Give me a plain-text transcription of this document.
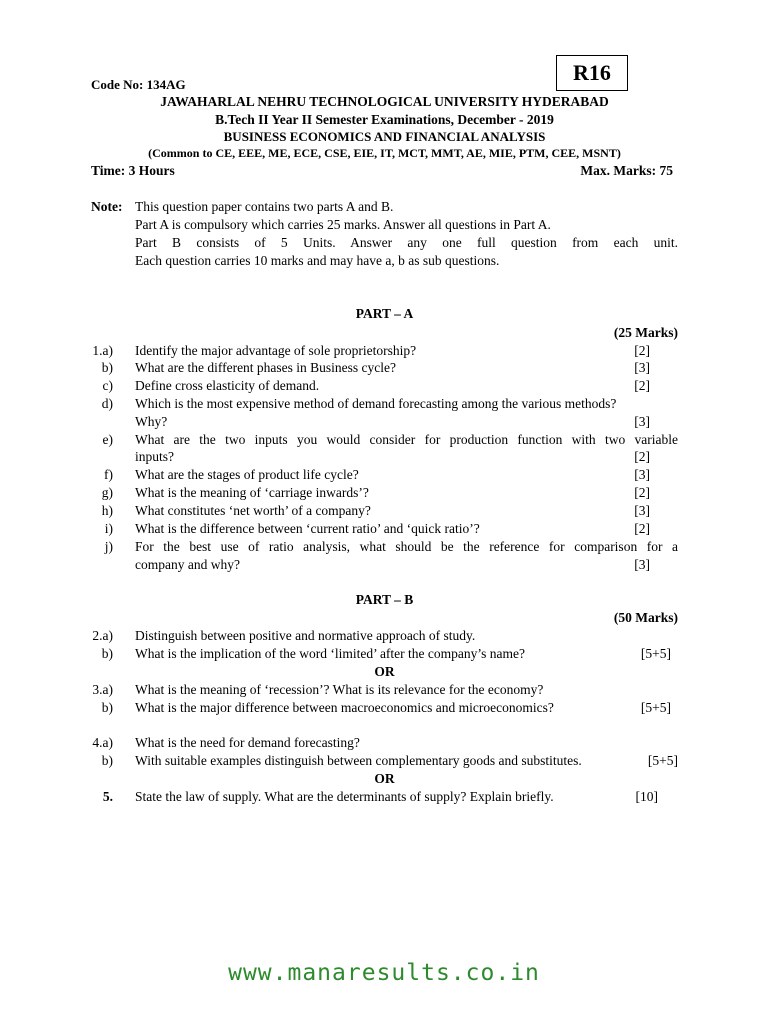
R16
Code No: 134AG
JAWAHARLAL NEHRU TECHNOLOGICAL UNIVERSITY HYDERABAD
B.Tech II Year II Semester Examinations, December - 2019
BUSINESS ECONOMICS AND FINANCIAL ANALYSIS
(Common to CE, EEE, ME, ECE, CSE, EIE, IT, MCT, MMT, AE, MIE, PTM, CEE, MSNT)
Time: 3 Hours	Max. Marks: 75
Note: This question paper contains two parts A and B.
Part A is compulsory which carries 25 marks. Answer all questions in Part A.
Part B consists of 5 Units. Answer any one full question from each unit.
Each question carries 10 marks and may have a, b as sub questions.
PART – A
(25 Marks)
1.a) Identify the major advantage of sole proprietorship?	[2]
b) What are the different phases in Business cycle?	[3]
c) Define cross elasticity of demand.	[2]
d) Which is the most expensive method of demand forecasting among the various methods?
Why?	[3]
e) What are the two inputs you would consider for production function with two variable
inputs?	[2]
f) What are the stages of product life cycle?	[3]
g) What is the meaning of ‘carriage inwards’?	[2]
h) What constitutes ‘net worth’ of a company?	[3]
i) What is the difference between ‘current ratio’ and ‘quick ratio’?	[2]
j) For the best use of ratio analysis, what should be the reference for comparison for a
company and why?	[3]
PART – B
(50 Marks)
2.a) Distinguish between positive and normative approach of study.
b) What is the implication of the word ‘limited’ after the company’s name?	[5+5]
OR
3.a) What is the meaning of ‘recession’? What is its relevance for the economy?
b) What is the major difference between macroeconomics and microeconomics?	[5+5]
4.a) What is the need for demand forecasting?
b) With suitable examples distinguish between complementary goods and substitutes.	[5+5]
OR
5. State the law of supply. What are the determinants of supply? Explain briefly.	[10]
www.manaresults.co.in
